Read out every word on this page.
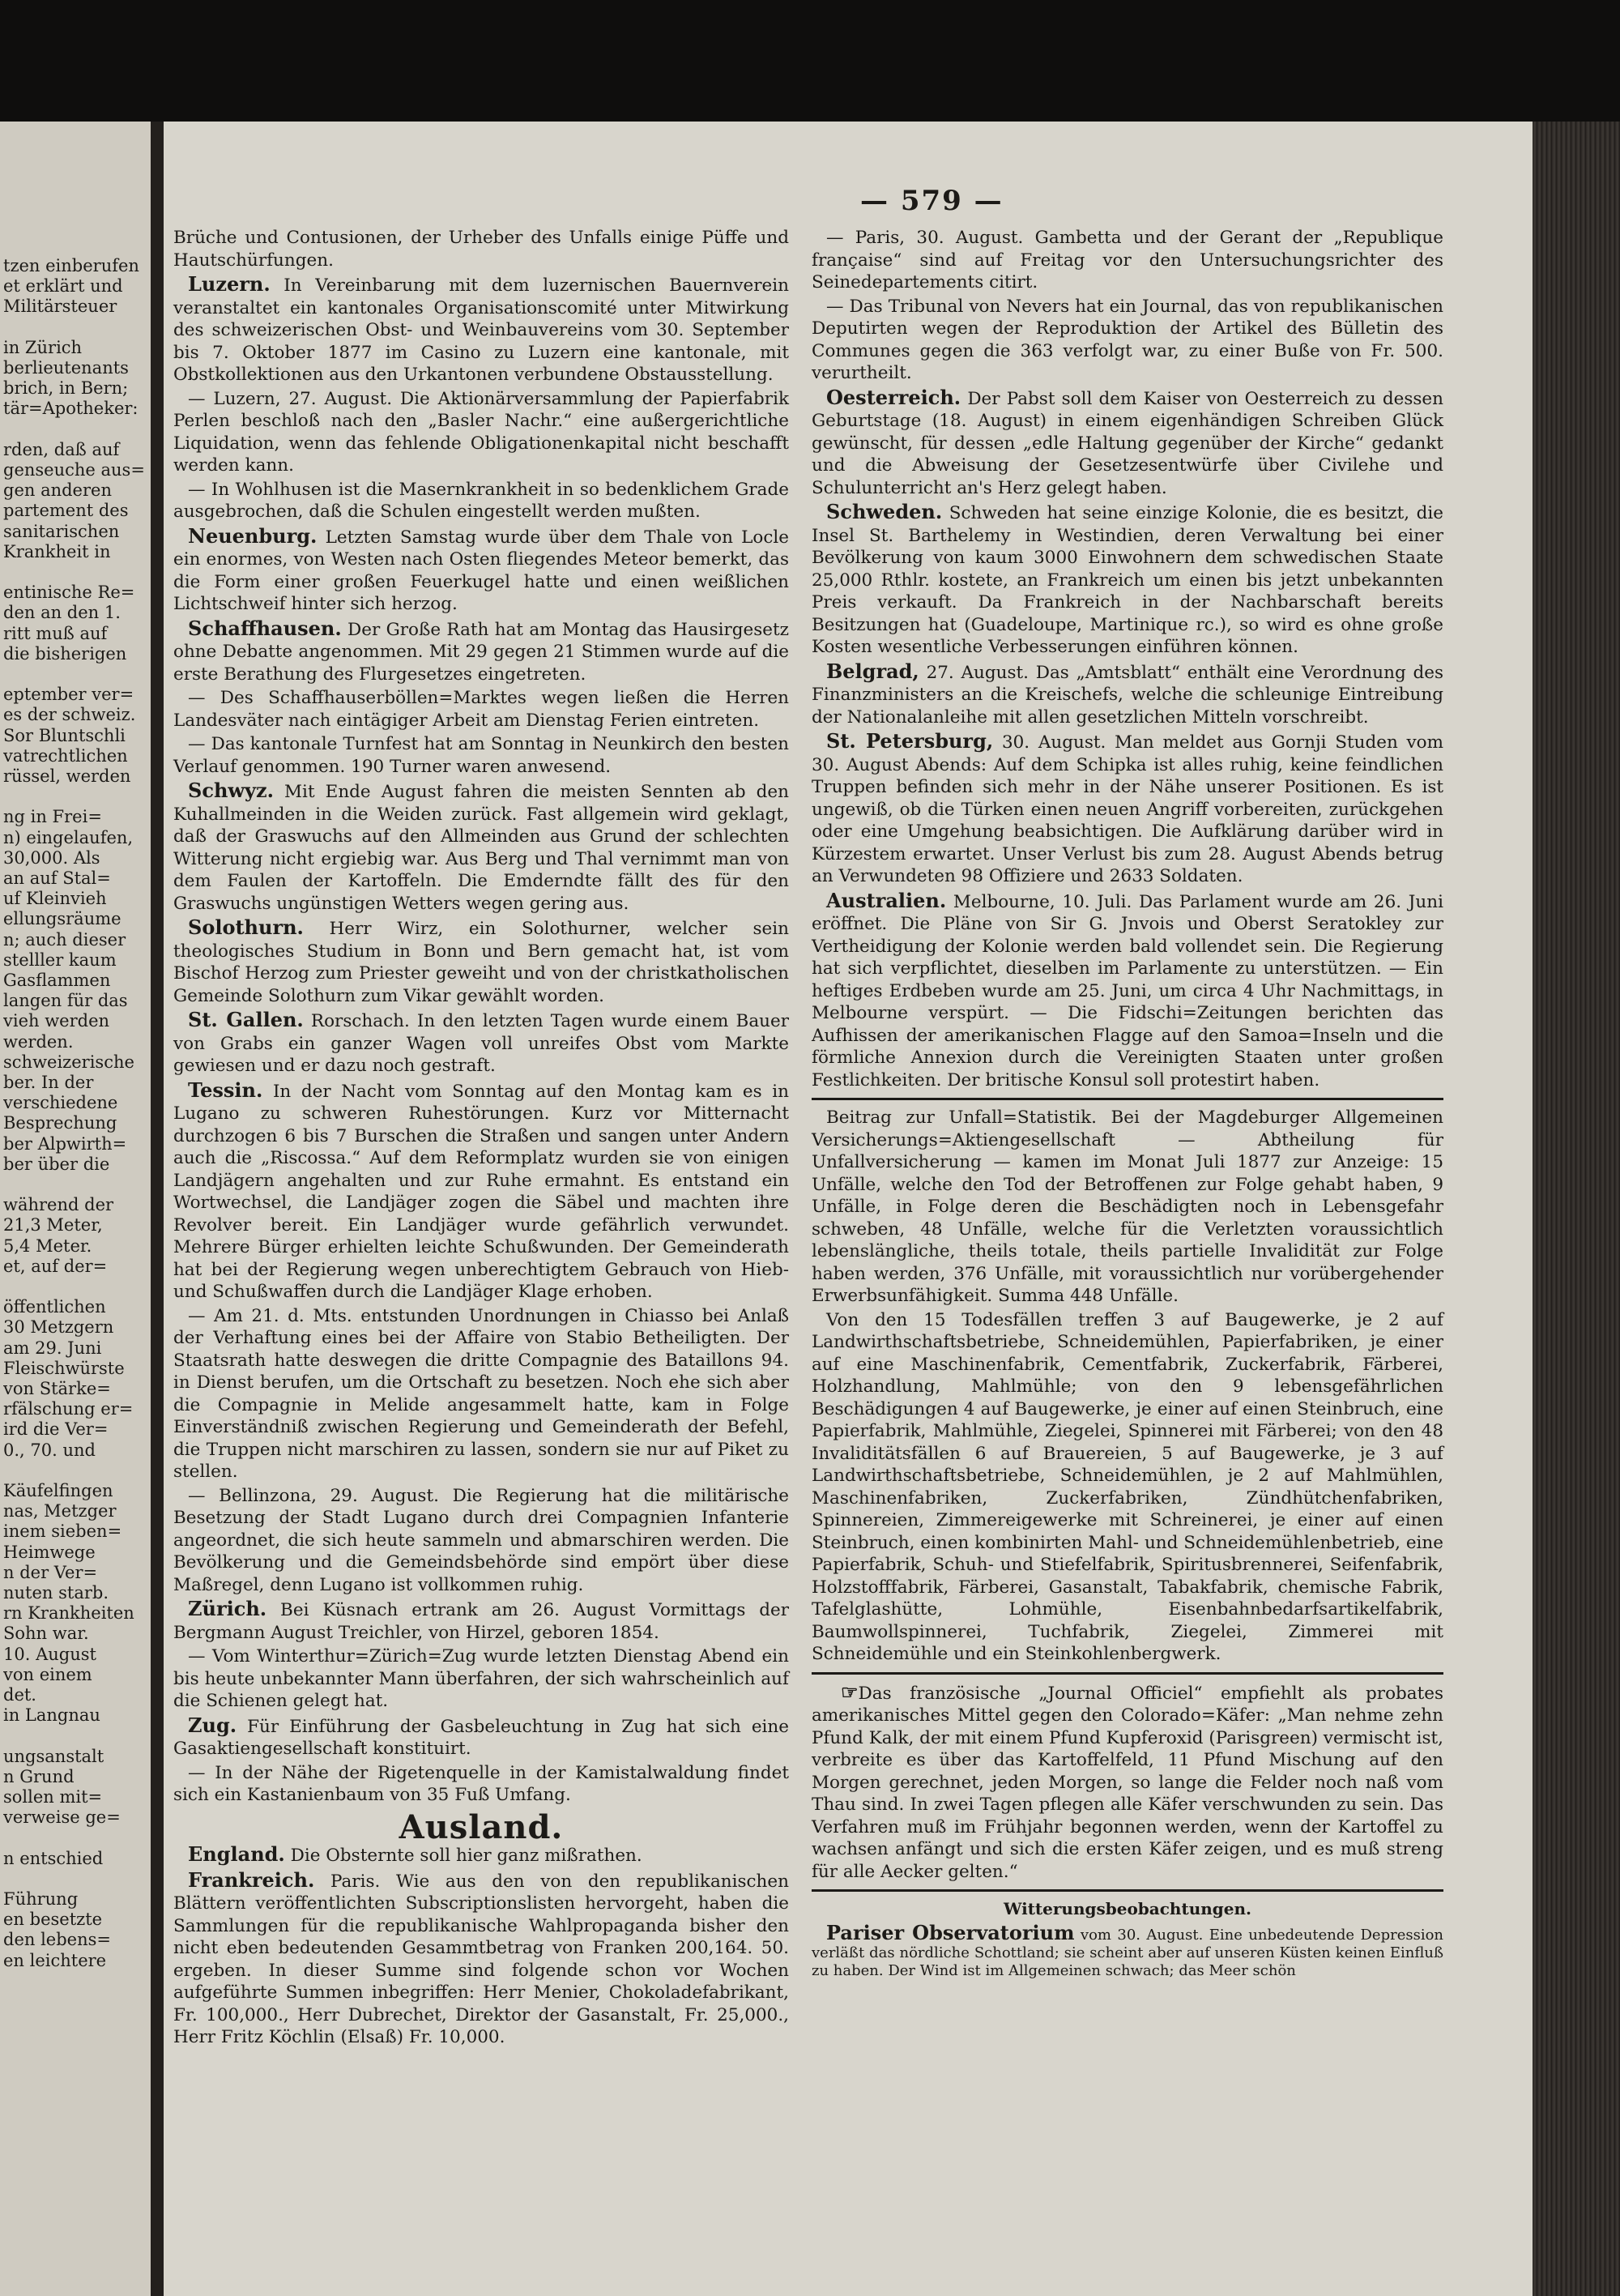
tzen einberufen
et erklärt und
Militärsteuer
in Zürich
berlieutenants
brich, in Bern;
tär=Apotheker:
rden, daß auf
genseuche aus=
gen anderen
partement des
sanitarischen
Krankheit in
entinische Re=
den an den 1.
ritt muß auf
die bisherigen
eptember ver=
es der schweiz.
Sor Bluntschli
vatrechtlichen
rüssel, werden
ng in Frei=
n) eingelaufen,
30,000. Als
an auf Stal=
uf Kleinvieh
ellungsräume
n; auch dieser
stelller kaum
Gasflammen
langen für das
vieh werden
werden.
schweizerische
ber. In der
verschiedene
Besprechung
ber Alpwirth=
ber über die
während der
21,3 Meter,
5,4 Meter.
et, auf der=
öffentlichen
30 Metzgern
am 29. Juni
Fleischwürste
von Stärke=
rfälschung er=
ird die Ver=
0., 70. und
Käufelfingen
nas, Metzger
inem sieben=
Heimwege
n der Ver=
nuten starb.
rn Krankheiten
Sohn war.
10. August
von einem
det.
in Langnau
ungsanstalt
n Grund
sollen mit=
verweise ge=
n entschied
Führung
en besetzte
den lebens=
en leichtere
— 579 —

Brüche und Contusionen, der Urheber des Unfalls einige Püffe und Hautschürfungen.

Luzern. In Vereinbarung mit dem luzernischen Bauernverein veranstaltet ein kantonales Organisationscomité unter Mitwirkung des schweizerischen Obst- und Weinbauvereins vom 30. September bis 7. Oktober 1877 im Casino zu Luzern eine kantonale, mit Obstkollektionen aus den Urkantonen verbundene Obstausstellung.

— Luzern, 27. August. Die Aktionärversammlung der Papierfabrik Perlen beschloß nach den „Basler Nachr.“ eine außergerichtliche Liquidation, wenn das fehlende Obligationenkapital nicht beschafft werden kann.

— In Wohlhusen ist die Masernkrankheit in so bedenklichem Grade ausgebrochen, daß die Schulen eingestellt werden mußten.

Neuenburg. Letzten Samstag wurde über dem Thale von Locle ein enormes, von Westen nach Osten fliegendes Meteor bemerkt, das die Form einer großen Feuerkugel hatte und einen weißlichen Lichtschweif hinter sich herzog.

Schaffhausen. Der Große Rath hat am Montag das Hausirgesetz ohne Debatte angenommen. Mit 29 gegen 21 Stimmen wurde auf die erste Berathung des Flurgesetzes eingetreten.

— Des Schaffhauserböllen=Marktes wegen ließen die Herren Landesväter nach eintägiger Arbeit am Dienstag Ferien eintreten.

— Das kantonale Turnfest hat am Sonntag in Neunkirch den besten Verlauf genommen. 190 Turner waren anwesend.

Schwyz. Mit Ende August fahren die meisten Sennten ab den Kuhallmeinden in die Weiden zurück. Fast allgemein wird geklagt, daß der Graswuchs auf den Allmeinden aus Grund der schlechten Witterung nicht ergiebig war. Aus Berg und Thal vernimmt man von dem Faulen der Kartoffeln. Die Emderndte fällt des für den Graswuchs ungünstigen Wetters wegen gering aus.

Solothurn. Herr Wirz, ein Solothurner, welcher sein theologisches Studium in Bonn und Bern gemacht hat, ist vom Bischof Herzog zum Priester geweiht und von der christkatholischen Gemeinde Solothurn zum Vikar gewählt worden.

St. Gallen. Rorschach. In den letzten Tagen wurde einem Bauer von Grabs ein ganzer Wagen voll unreifes Obst vom Markte gewiesen und er dazu noch gestraft.

Tessin. In der Nacht vom Sonntag auf den Montag kam es in Lugano zu schweren Ruhestörungen. Kurz vor Mitternacht durchzogen 6 bis 7 Burschen die Straßen und sangen unter Andern auch die „Riscossa.“ Auf dem Reformplatz wurden sie von einigen Landjägern angehalten und zur Ruhe ermahnt. Es entstand ein Wortwechsel, die Landjäger zogen die Säbel und machten ihre Revolver bereit. Ein Landjäger wurde gefährlich verwundet. Mehrere Bürger erhielten leichte Schußwunden. Der Gemeinderath hat bei der Regierung wegen unberechtigtem Gebrauch von Hieb- und Schußwaffen durch die Landjäger Klage erhoben.

— Am 21. d. Mts. entstunden Unordnungen in Chiasso bei Anlaß der Verhaftung eines bei der Affaire von Stabio Betheiligten. Der Staatsrath hatte deswegen die dritte Compagnie des Bataillons 94. in Dienst berufen, um die Ortschaft zu besetzen. Noch ehe sich aber die Compagnie in Melide angesammelt hatte, kam in Folge Einverständniß zwischen Regierung und Gemeinderath der Befehl, die Truppen nicht marschiren zu lassen, sondern sie nur auf Piket zu stellen.

— Bellinzona, 29. August. Die Regierung hat die militärische Besetzung der Stadt Lugano durch drei Compagnien Infanterie angeordnet, die sich heute sammeln und abmarschiren werden. Die Bevölkerung und die Gemeindsbehörde sind empört über diese Maßregel, denn Lugano ist vollkommen ruhig.

Zürich. Bei Küsnach ertrank am 26. August Vormittags der Bergmann August Treichler, von Hirzel, geboren 1854.

— Vom Winterthur=Zürich=Zug wurde letzten Dienstag Abend ein bis heute unbekannter Mann überfahren, der sich wahrscheinlich auf die Schienen gelegt hat.

Zug. Für Einführung der Gasbeleuchtung in Zug hat sich eine Gasaktiengesellschaft konstituirt.

— In der Nähe der Rigetenquelle in der Kamistalwaldung findet sich ein Kastanienbaum von 35 Fuß Umfang.

Ausland.

England. Die Obsternte soll hier ganz mißrathen.

Frankreich. Paris. Wie aus den von den republikanischen Blättern veröffentlichten Subscriptionslisten hervorgeht, haben die Sammlungen für die republikanische Wahlpropaganda bisher den nicht eben bedeutenden Gesammtbetrag von Franken 200,164. 50. ergeben. In dieser Summe sind folgende schon vor Wochen aufgeführte Summen inbegriffen: Herr Menier, Chokoladefabrikant, Fr. 100,000., Herr Dubrechet, Direktor der Gasanstalt, Fr. 25,000., Herr Fritz Köchlin (Elsaß) Fr. 10,000.

— Paris, 30. August. Gambetta und der Gerant der „Republique française“ sind auf Freitag vor den Untersuchungsrichter des Seinedepartements citirt.

— Das Tribunal von Nevers hat ein Journal, das von republikanischen Deputirten wegen der Reproduktion der Artikel des Bülletin des Communes gegen die 363 verfolgt war, zu einer Buße von Fr. 500. verurtheilt.

Oesterreich. Der Pabst soll dem Kaiser von Oesterreich zu dessen Geburtstage (18. August) in einem eigenhändigen Schreiben Glück gewünscht, für dessen „edle Haltung gegenüber der Kirche“ gedankt und die Abweisung der Gesetzesentwürfe über Civilehe und Schulunterricht an's Herz gelegt haben.

Schweden. Schweden hat seine einzige Kolonie, die es besitzt, die Insel St. Barthelemy in Westindien, deren Verwaltung bei einer Bevölkerung von kaum 3000 Einwohnern dem schwedischen Staate 25,000 Rthlr. kostete, an Frankreich um einen bis jetzt unbekannten Preis verkauft. Da Frankreich in der Nachbarschaft bereits Besitzungen hat (Guadeloupe, Martinique rc.), so wird es ohne große Kosten wesentliche Verbesserungen einführen können.

Belgrad, 27. August. Das „Amtsblatt“ enthält eine Verordnung des Finanzministers an die Kreischefs, welche die schleunige Eintreibung der Nationalanleihe mit allen gesetzlichen Mitteln vorschreibt.

St. Petersburg, 30. August. Man meldet aus Gornji Studen vom 30. August Abends: Auf dem Schipka ist alles ruhig, keine feindlichen Truppen befinden sich mehr in der Nähe unserer Positionen. Es ist ungewiß, ob die Türken einen neuen Angriff vorbereiten, zurückgehen oder eine Umgehung beabsichtigen. Die Aufklärung darüber wird in Kürzestem erwartet. Unser Verlust bis zum 28. August Abends betrug an Verwundeten 98 Offiziere und 2633 Soldaten.

Australien. Melbourne, 10. Juli. Das Parlament wurde am 26. Juni eröffnet. Die Pläne von Sir G. Jnvois und Oberst Seratokley zur Vertheidigung der Kolonie werden bald vollendet sein. Die Regierung hat sich verpflichtet, dieselben im Parlamente zu unterstützen. — Ein heftiges Erdbeben wurde am 25. Juni, um circa 4 Uhr Nachmittags, in Melbourne verspürt. — Die Fidschi=Zeitungen berichten das Aufhissen der amerikanischen Flagge auf den Samoa=Inseln und die förmliche Annexion durch die Vereinigten Staaten unter großen Festlichkeiten. Der britische Konsul soll protestirt haben.

Beitrag zur Unfall=Statistik. Bei der Magdeburger Allgemeinen Versicherungs=Aktiengesellschaft — Abtheilung für Unfallversicherung — kamen im Monat Juli 1877 zur Anzeige: 15 Unfälle, welche den Tod der Betroffenen zur Folge gehabt haben, 9 Unfälle, in Folge deren die Beschädigten noch in Lebensgefahr schweben, 48 Unfälle, welche für die Verletzten voraussichtlich lebenslängliche, theils totale, theils partielle Invalidität zur Folge haben werden, 376 Unfälle, mit voraussichtlich nur vorübergehender Erwerbsunfähigkeit. Summa 448 Unfälle.

Von den 15 Todesfällen treffen 3 auf Baugewerke, je 2 auf Landwirthschaftsbetriebe, Schneidemühlen, Papierfabriken, je einer auf eine Maschinenfabrik, Cementfabrik, Zuckerfabrik, Färberei, Holzhandlung, Mahlmühle; von den 9 lebensgefährlichen Beschädigungen 4 auf Baugewerke, je einer auf einen Steinbruch, eine Papierfabrik, Mahlmühle, Ziegelei, Spinnerei mit Färberei; von den 48 Invaliditätsfällen 6 auf Brauereien, 5 auf Baugewerke, je 3 auf Landwirthschaftsbetriebe, Schneidemühlen, je 2 auf Mahlmühlen, Maschinenfabriken, Zuckerfabriken, Zündhütchenfabriken, Spinnereien, Zimmereigewerke mit Schreinerei, je einer auf einen Steinbruch, einen kombinirten Mahl- und Schneidemühlenbetrieb, eine Papierfabrik, Schuh- und Stiefelfabrik, Spiritusbrennerei, Seifenfabrik, Holzstofffabrik, Färberei, Gasanstalt, Tabakfabrik, chemische Fabrik, Tafelglashütte, Lohmühle, Eisenbahnbedarfsartikelfabrik, Baumwollspinnerei, Tuchfabrik, Ziegelei, Zimmerei mit Schneidemühle und ein Steinkohlenbergwerk.

☞Das französische „Journal Officiel“ empfiehlt als probates amerikanisches Mittel gegen den Colorado=Käfer: „Man nehme zehn Pfund Kalk, der mit einem Pfund Kupferoxid (Parisgreen) vermischt ist, verbreite es über das Kartoffelfeld, 11 Pfund Mischung auf den Morgen gerechnet, jeden Morgen, so lange die Felder noch naß vom Thau sind. In zwei Tagen pflegen alle Käfer verschwunden zu sein. Das Verfahren muß im Frühjahr begonnen werden, wenn der Kartoffel zu wachsen anfängt und sich die ersten Käfer zeigen, und es muß streng für alle Aecker gelten.“

Witterungsbeobachtungen.

Pariser Observatorium vom 30. August. Eine unbedeutende Depression verläßt das nördliche Schottland; sie scheint aber auf unseren Küsten keinen Einfluß zu haben. Der Wind ist im Allgemeinen schwach; das Meer schön
